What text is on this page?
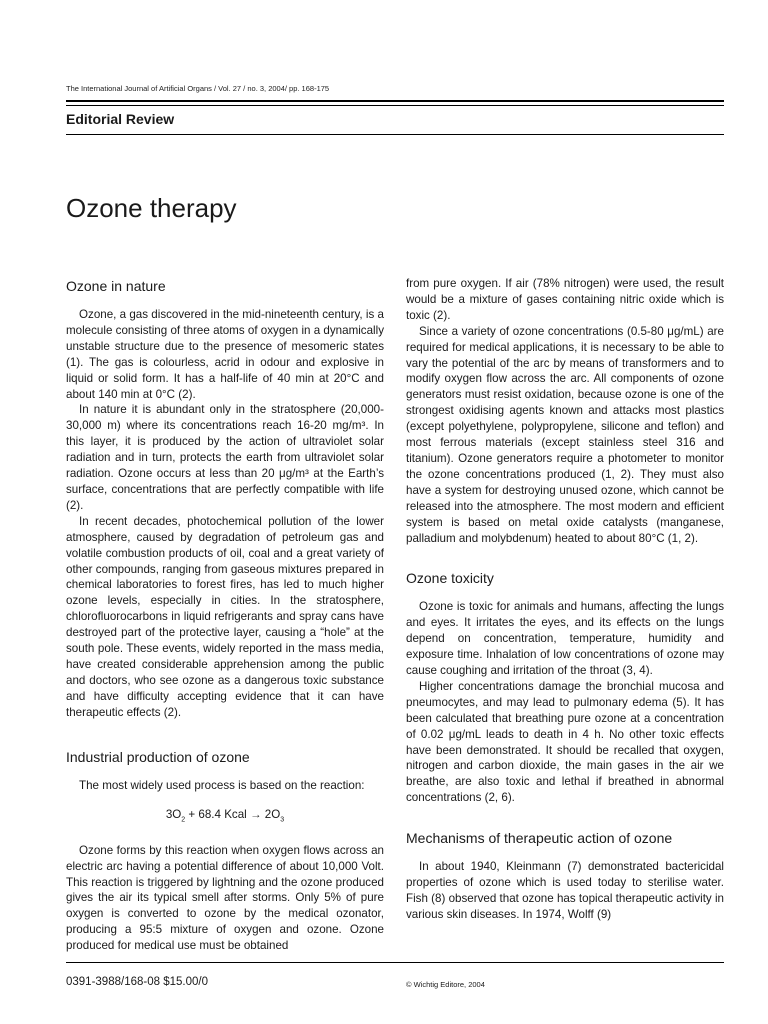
The International Journal of Artificial Organs / Vol. 27 / no. 3, 2004/ pp. 168-175
Editorial Review
Ozone therapy
Ozone in nature

Ozone, a gas discovered in the mid-nineteenth century, is a molecule consisting of three atoms of oxygen in a dynamically unstable structure due to the presence of mesomeric states (1). The gas is colourless, acrid in odour and explosive in liquid or solid form. It has a half-life of 40 min at 20°C and about 140 min at 0°C (2).

In nature it is abundant only in the stratosphere (20,000-30,000 m) where its concentrations reach 16-20 mg/m³. In this layer, it is produced by the action of ultraviolet solar radiation and in turn, protects the earth from ultraviolet solar radiation. Ozone occurs at less than 20 μg/m³ at the Earth’s surface, concentrations that are perfectly compatible with life (2).

In recent decades, photochemical pollution of the lower atmosphere, caused by degradation of petroleum gas and volatile combustion products of oil, coal and a great variety of other compounds, ranging from gaseous mixtures prepared in chemical laboratories to forest fires, has led to much higher ozone levels, especially in cities. In the stratosphere, chlorofluorocarbons in liquid refrigerants and spray cans have destroyed part of the protective layer, causing a “hole” at the south pole. These events, widely reported in the mass media, have created considerable apprehension among the public and doctors, who see ozone as a dangerous toxic substance and have difficulty accepting evidence that it can have therapeutic effects (2).

Industrial production of ozone

The most widely used process is based on the reaction:

$3O_2 + 68.4$ Kcal → $2O_3$

Ozone forms by this reaction when oxygen flows across an electric arc having a potential difference of about 10,000 Volt. This reaction is triggered by lightning and the ozone produced gives the air its typical smell after storms. Only 5% of pure oxygen is converted to ozone by the medical ozonator, producing a 95:5 mixture of oxygen and ozone. Ozone produced for medical use must be obtained

from pure oxygen. If air (78% nitrogen) were used, the result would be a mixture of gases containing nitric oxide which is toxic (2).

Since a variety of ozone concentrations (0.5-80 μg/mL) are required for medical applications, it is necessary to be able to vary the potential of the arc by means of transformers and to modify oxygen flow across the arc. All components of ozone generators must resist oxidation, because ozone is one of the strongest oxidising agents known and attacks most plastics (except polyethylene, polypropylene, silicone and teflon) and most ferrous materials (except stainless steel 316 and titanium). Ozone generators require a photometer to monitor the ozone concentrations produced (1, 2). They must also have a system for destroying unused ozone, which cannot be released into the atmosphere. The most modern and efficient system is based on metal oxide catalysts (manganese, palladium and molybdenum) heated to about 80°C (1, 2).

Ozone toxicity

Ozone is toxic for animals and humans, affecting the lungs and eyes. It irritates the eyes, and its effects on the lungs depend on concentration, temperature, humidity and exposure time. Inhalation of low concentrations of ozone may cause coughing and irritation of the throat (3, 4).

Higher concentrations damage the bronchial mucosa and pneumocytes, and may lead to pulmonary edema (5). It has been calculated that breathing pure ozone at a concentration of 0.02 μg/mL leads to death in 4 h. No other toxic effects have been demonstrated. It should be recalled that oxygen, nitrogen and carbon dioxide, the main gases in the air we breathe, are also toxic and lethal if breathed in abnormal concentrations (2, 6).

Mechanisms of therapeutic action of ozone

In about 1940, Kleinmann (7) demonstrated bactericidal properties of ozone which is used today to sterilise water. Fish (8) observed that ozone has topical therapeutic activity in various skin diseases. In 1974, Wolff (9)

0391-3988/168-08 $15.00/0	© Wichtig Editore, 2004
